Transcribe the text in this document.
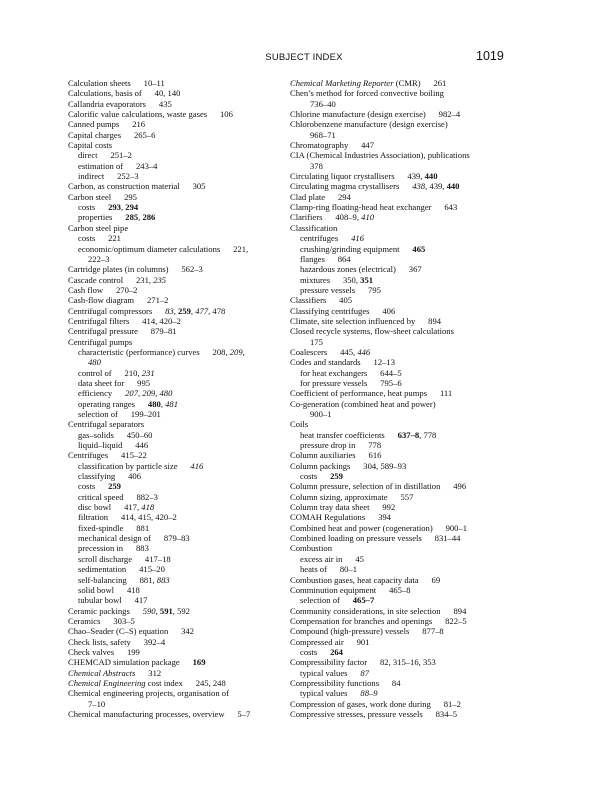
SUBJECT INDEX	1019
Calculation sheets  10–11
Calculations, basis of  40, 140
Callandria evaporators  435
Calorific value calculations, waste gases  106
Canned pumps  216
Capital charges  265–6
Capital costs
direct  251–2
estimation of  243–4
indirect  252–3
Carbon, as construction material  305
Carbon steel  295
costs  293, 294
properties  285, 286
Carbon steel pipe
costs  221
economic/optimum diameter calculations  221,
222–3
Cartridge plates (in columns)  562–3
Cascade control  231, 235
Cash flow  270–2
Cash-flow diagram  271–2
Centrifugal compressors  83, 259, 477, 478
Centrifugal filters  414, 420–2
Centrifugal pressure  879–81
Centrifugal pumps
characteristic (performance) curves  208, 209,
480
control of  210, 231
data sheet for  995
efficiency  207, 209, 480
operating ranges  480, 481
selection of  199–201
Centrifugal separators
gas–solids  450–60
liquid–liquid  446
Centrifuges  415–22
classification by particle size  416
classifying  406
costs  259
critical speed  882–3
disc bowl  417, 418
filtration  414, 415, 420–2
fixed-spindle  881
mechanical design of  879–83
precession in  883
scroll discharge  417–18
sedimentation  415–20
self-balancing  881, 883
solid bowl  418
tubular bowl  417
Ceramic packings  590, 591, 592
Ceramics  303–5
Chao–Seader (C–S) equation  342
Check lists, safety  392–4
Check valves  199
CHEMCAD simulation package  169
Chemical Abstracts  312
Chemical Engineering cost index  245, 248
Chemical engineering projects, organisation of
7–10
Chemical manufacturing processes, overview  5–7
Chemical Marketing Reporter (CMR)  261
Chen’s method for forced convective boiling
736–40
Chlorine manufacture (design exercise)  982–4
Chlorobenzene manufacture (design exercise)
968–71
Chromatography  447
CIA (Chemical Industries Association), publications
378
Circulating liquor crystallisers  439, 440
Circulating magma crystallisers  438, 439, 440
Clad plate  294
Clamp-ring floating-head heat exchanger  643
Clarifiers  408–9, 410
Classification
centrifuges  416
crushing/grinding equipment  465
flanges  864
hazardous zones (electrical)  367
mixtures  350, 351
pressure vessels  795
Classifiers  405
Classifying centrifuges  406
Climate, site selection influenced by  894
Closed recycle systems, flow-sheet calculations
175
Coalescers  445, 446
Codes and standards  12–13
for heat exchangers  644–5
for pressure vessels  795–6
Coefficient of performance, heat pumps  111
Co-generation (combined heat and power)
900–1
Coils
heat transfer coefficients  637–8, 778
pressure drop in  778
Column auxiliaries  616
Column packings  304, 589–93
costs  259
Column pressure, selection of in distillation  496
Column sizing, approximate  557
Column tray data sheet  992
COMAH Regulations  394
Combined heat and power (cogeneration)  900–1
Combined loading on pressure vessels  831–44
Combustion
excess air in  45
heats of  80–1
Combustion gases, heat capacity data  69
Comminution equipment  465–8
selection of  465–7
Community considerations, in site selection  894
Compensation for branches and openings  822–5
Compound (high-pressure) vessels  877–8
Compressed air  901
costs  264
Compressibility factor  82, 315–16, 353
typical values  87
Compressibility functions  84
typical values  88–9
Compression of gases, work done during  81–2
Compressive stresses, pressure vessels  834–5
